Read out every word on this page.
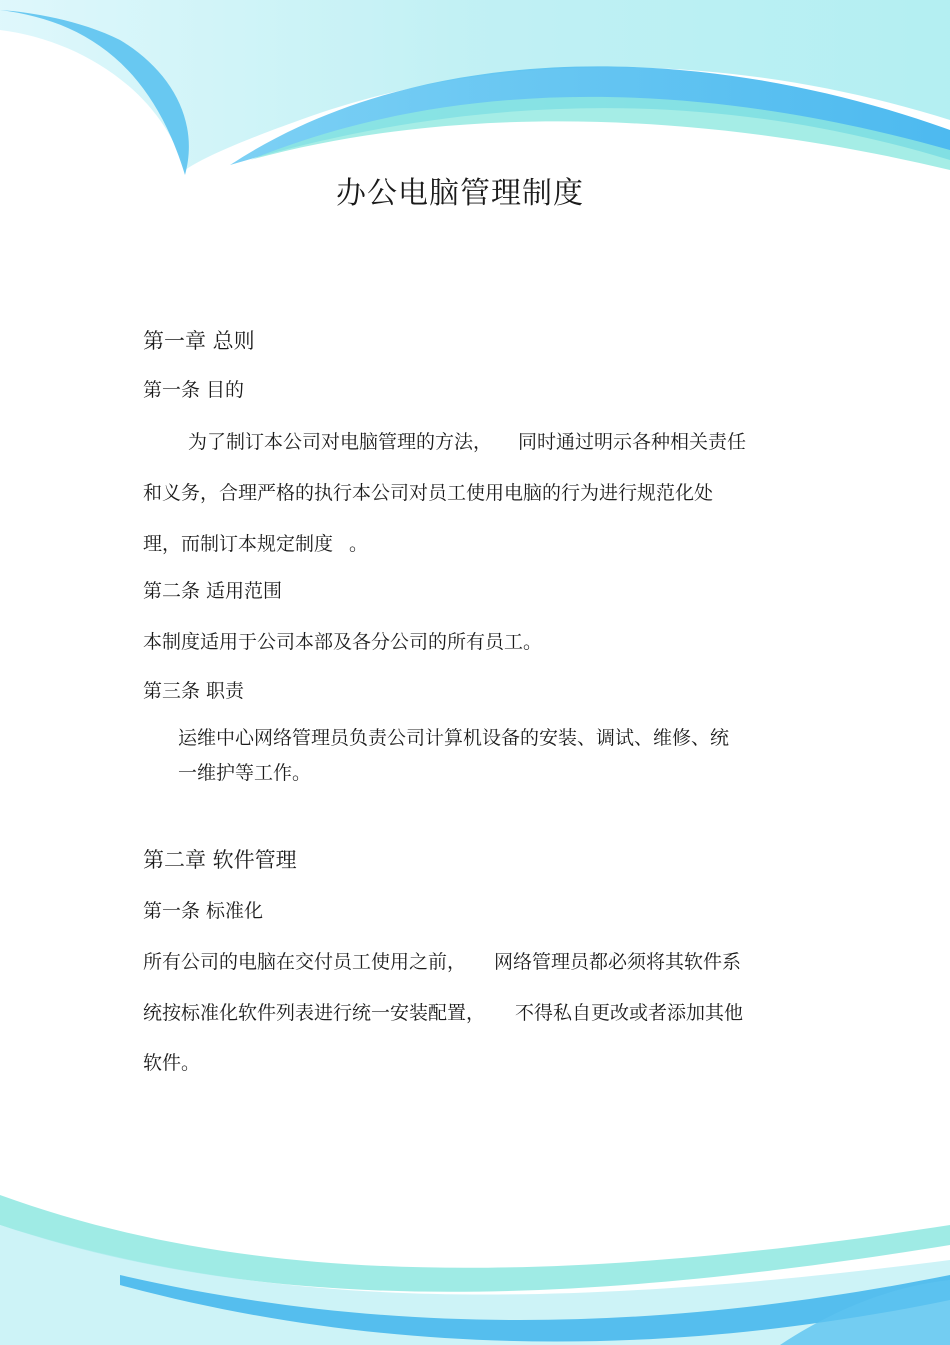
办公电脑管理制度

第一章 总则

第一条 目的

为了制订本公司对电脑管理的方法， 同时通过明示各种相关责任

和义务，合理严格的执行本公司对员工使用电脑的行为进行规范化处

理，而制订本规定制度 。

第二条 适用范围

本制度适用于公司本部及各分公司的所有员工。

第三条 职责

运维中心网络管理员负责公司计算机设备的安装、调试、维修、统

一维护等工作。

第二章 软件管理

第一条 标准化

所有公司的电脑在交付员工使用之前， 网络管理员都必须将其软件系

统按标准化软件列表进行统一安装配置， 不得私自更改或者添加其他

软件。
